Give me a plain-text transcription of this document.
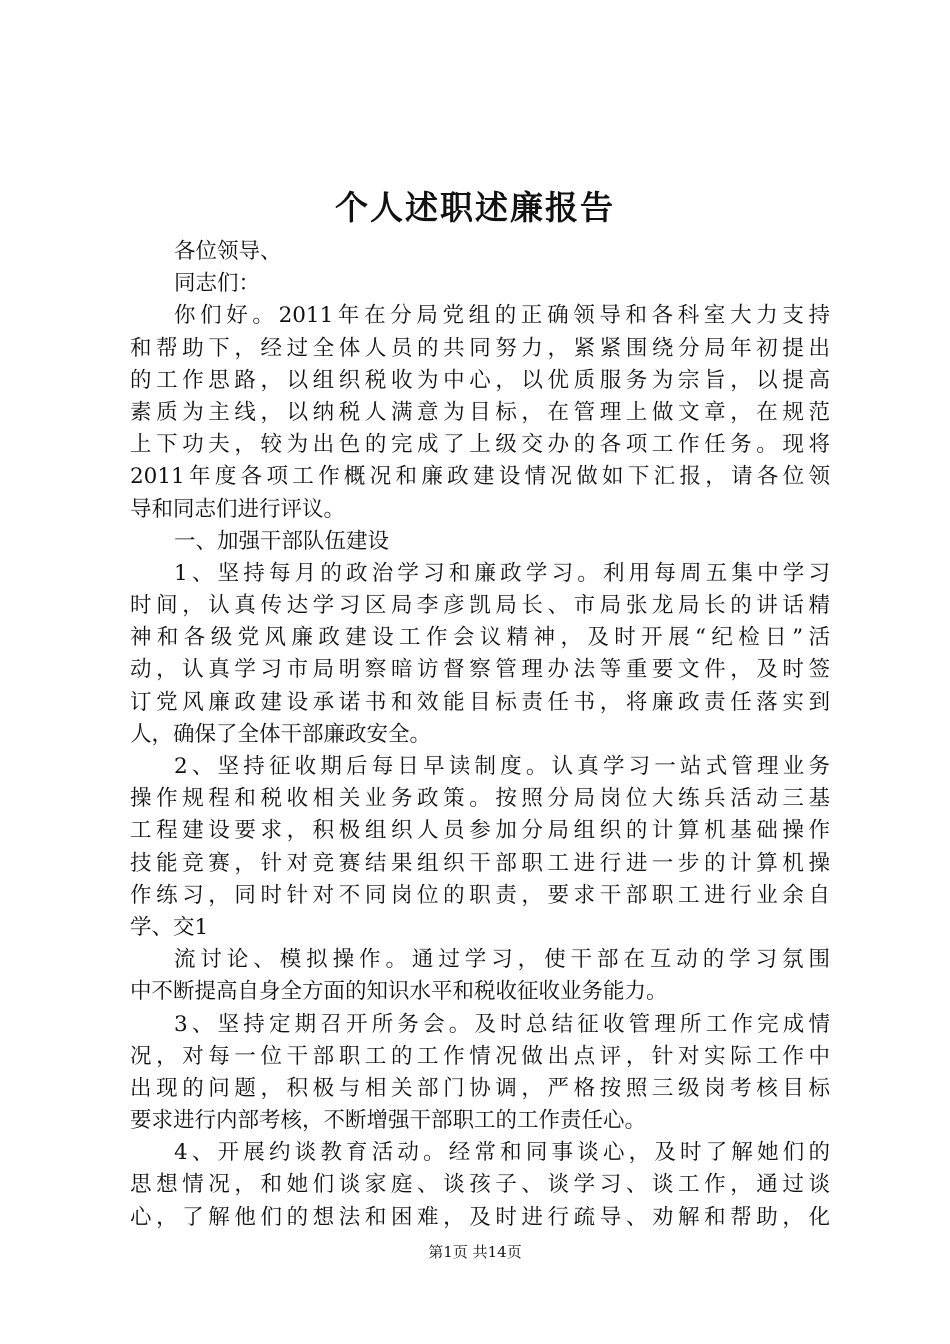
个人述职述廉报告
各位领导、
同志们：
你们好。2011年在分局党组的正确领导和各科室大力支持
和帮助下，经过全体人员的共同努力，紧紧围绕分局年初提出
的工作思路，以组织税收为中心，以优质服务为宗旨，以提高
素质为主线，以纳税人满意为目标，在管理上做文章，在规范
上下功夫，较为出色的完成了上级交办的各项工作任务。现将
2011年度各项工作概况和廉政建设情况做如下汇报，请各位领
导和同志们进行评议。
一、加强干部队伍建设
1、坚持每月的政治学习和廉政学习。利用每周五集中学习
时间，认真传达学习区局李彦凯局长、市局张龙局长的讲话精
神和各级党风廉政建设工作会议精神，及时开展“纪检日”活
动，认真学习市局明察暗访督察管理办法等重要文件，及时签
订党风廉政建设承诺书和效能目标责任书，将廉政责任落实到
人，确保了全体干部廉政安全。
2、坚持征收期后每日早读制度。认真学习一站式管理业务
操作规程和税收相关业务政策。按照分局岗位大练兵活动三基
工程建设要求，积极组织人员参加分局组织的计算机基础操作
技能竞赛，针对竞赛结果组织干部职工进行进一步的计算机操
作练习，同时针对不同岗位的职责，要求干部职工进行业余自
学、交1
流讨论、模拟操作。通过学习，使干部在互动的学习氛围
中不断提高自身全方面的知识水平和税收征收业务能力。
3、坚持定期召开所务会。及时总结征收管理所工作完成情
况，对每一位干部职工的工作情况做出点评，针对实际工作中
出现的问题，积极与相关部门协调，严格按照三级岗考核目标
要求进行内部考核，不断增强干部职工的工作责任心。
4、开展约谈教育活动。经常和同事谈心，及时了解她们的
思想情况，和她们谈家庭、谈孩子、谈学习、谈工作，通过谈
心，了解他们的想法和困难，及时进行疏导、劝解和帮助，化
第1页 共14页
